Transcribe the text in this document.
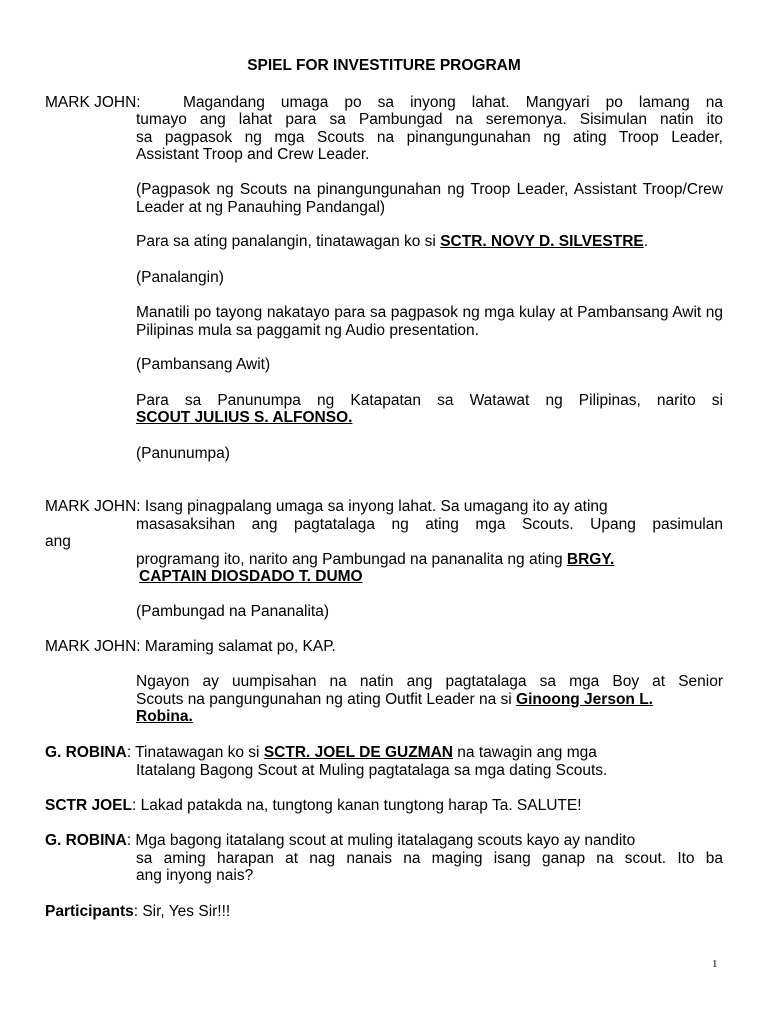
SPIEL FOR INVESTITURE PROGRAM
MARK JOHN:	Magandang umaga po sa inyong lahat. Mangyari po lamang na
tumayo ang lahat para sa Pambungad na seremonya. Sisimulan natin ito
sa pagpasok ng mga Scouts na pinangungunahan ng ating Troop Leader,
Assistant Troop and Crew Leader.
(Pagpasok ng Scouts na pinangungunahan ng Troop Leader, Assistant Troop/Crew Leader at ng Panauhing Pandangal)
Para sa ating panalangin, tinatawagan ko si SCTR. NOVY D. SILVESTRE.
(Panalangin)
Manatili po tayong nakatayo para sa pagpasok ng mga kulay at Pambansang Awit ng Pilipinas mula sa paggamit ng Audio presentation.
(Pambansang Awit)
Para sa Panunumpa ng Katapatan sa Watawat ng Pilipinas, narito si
SCOUT JULIUS S. ALFONSO.
(Panunumpa)
MARK JOHN: Isang pinagpalang umaga sa inyong lahat. Sa umagang ito ay ating
masasaksihan ang pagtatalaga ng ating mga Scouts. Upang pasimulan
ang
programang ito, narito ang Pambungad na pananalita ng ating BRGY.
CAPTAIN DIOSDADO T. DUMO
(Pambungad na Pananalita)
MARK JOHN: Maraming salamat po, KAP.
Ngayon ay uumpisahan na natin ang pagtatalaga sa mga Boy at Senior
Scouts na pangungunahan ng ating Outfit Leader na si Ginoong Jerson L.
Robina.
G. ROBINA: Tinatawagan ko si SCTR. JOEL DE GUZMAN na tawagin ang mga
Itatalang Bagong Scout at Muling pagtatalaga sa mga dating Scouts.
SCTR JOEL: Lakad patakda na, tungtong kanan tungtong harap Ta. SALUTE!
G. ROBINA: Mga bagong itatalang scout at muling itatalagang scouts kayo ay nandito
sa aming harapan at nag nanais na maging isang ganap na scout. Ito ba
ang inyong nais?
Participants: Sir, Yes Sir!!!
1
